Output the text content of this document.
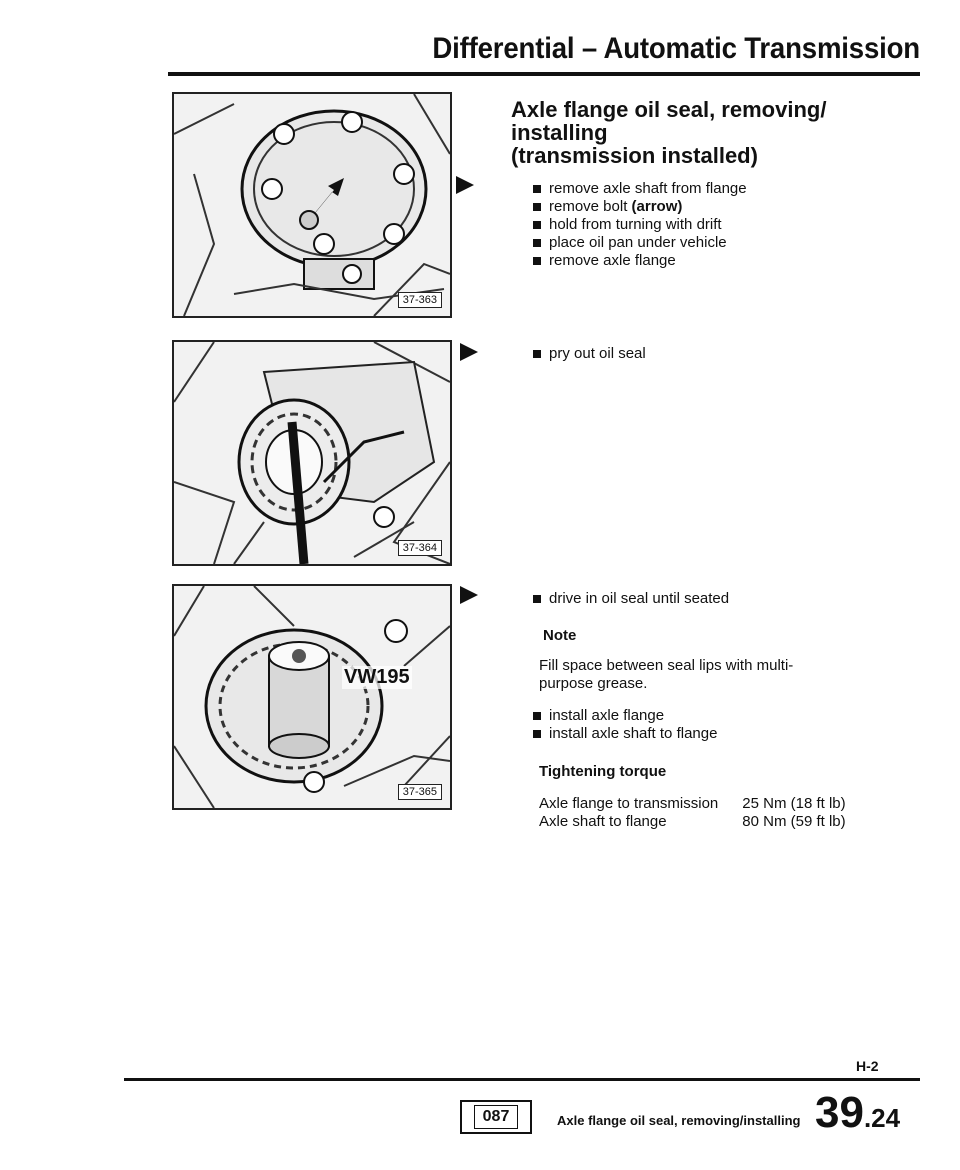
Differential – Automatic Transmission
37-363
37-364
VW195
37-365
Axle flange oil seal, removing/
installing
(transmission installed)
remove axle shaft from flange
remove bolt (arrow)
hold from turning with drift
place oil pan under vehicle
remove axle flange
pry out oil seal
drive in oil seal until seated
Note
Fill space between seal lips with multi-purpose grease.
install axle flange
install axle shaft to flange
Tightening torque
Axle flange to transmission	25 Nm (18 ft lb)
Axle shaft to flange	80 Nm (59 ft lb)
H-2
087	Axle flange oil seal, removing/installing 39.24
